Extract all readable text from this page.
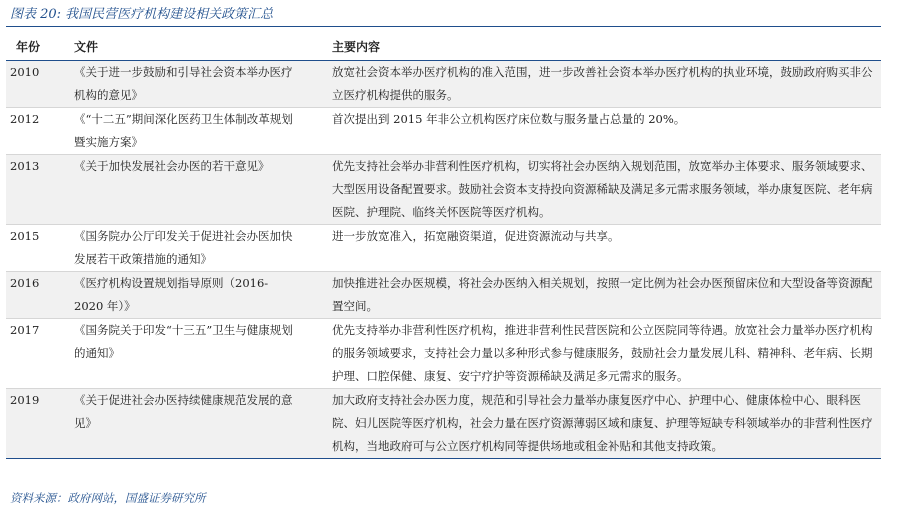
图表 20: 我国民营医疗机构建设相关政策汇总
年份	文件		主要内容
2010	《关于进一步鼓励和引导社会资本举办医疗机构的意见》		放宽社会资本举办医疗机构的准入范围，进一步改善社会资本举办医疗机构的执业环境，鼓励政府购买非公立医疗机构提供的服务。
2012	《“十二五”期间深化医药卫生体制改革规划暨实施方案》		首次提出到 2015 年非公立机构医疗床位数与服务量占总量的 20%。
2013	《关于加快发展社会办医的若干意见》		优先支持社会举办非营利性医疗机构，切实将社会办医纳入规划范围，放宽举办主体要求、服务领域要求、大型医用设备配置要求。鼓励社会资本支持投向资源稀缺及满足多元需求服务领域，举办康复医院、老年病医院、护理院、临终关怀医院等医疗机构。
2015	《国务院办公厅印发关于促进社会办医加快发展若干政策措施的通知》		进一步放宽准入，拓宽融资渠道，促进资源流动与共享。
2016	《医疗机构设置规划指导原则（2016-2020 年）》		加快推进社会办医规模，将社会办医纳入相关规划，按照一定比例为社会办医预留床位和大型设备等资源配置空间。
2017	《国务院关于印发“十三五”卫生与健康规划的通知》		优先支持举办非营利性医疗机构，推进非营利性民营医院和公立医院同等待遇。放宽社会力量举办医疗机构的服务领域要求，支持社会力量以多种形式参与健康服务，鼓励社会力量发展儿科、精神科、老年病、长期护理、口腔保健、康复、安宁疗护等资源稀缺及满足多元需求的服务。
2019	《关于促进社会办医持续健康规范发展的意见》		加大政府支持社会办医力度，规范和引导社会力量举办康复医疗中心、护理中心、健康体检中心、眼科医院、妇儿医院等医疗机构，社会力量在医疗资源薄弱区域和康复、护理等短缺专科领域举办的非营利性医疗机构，当地政府可与公立医疗机构同等提供场地或租金补贴和其他支持政策。
资料来源：政府网站，国盛证券研究所
